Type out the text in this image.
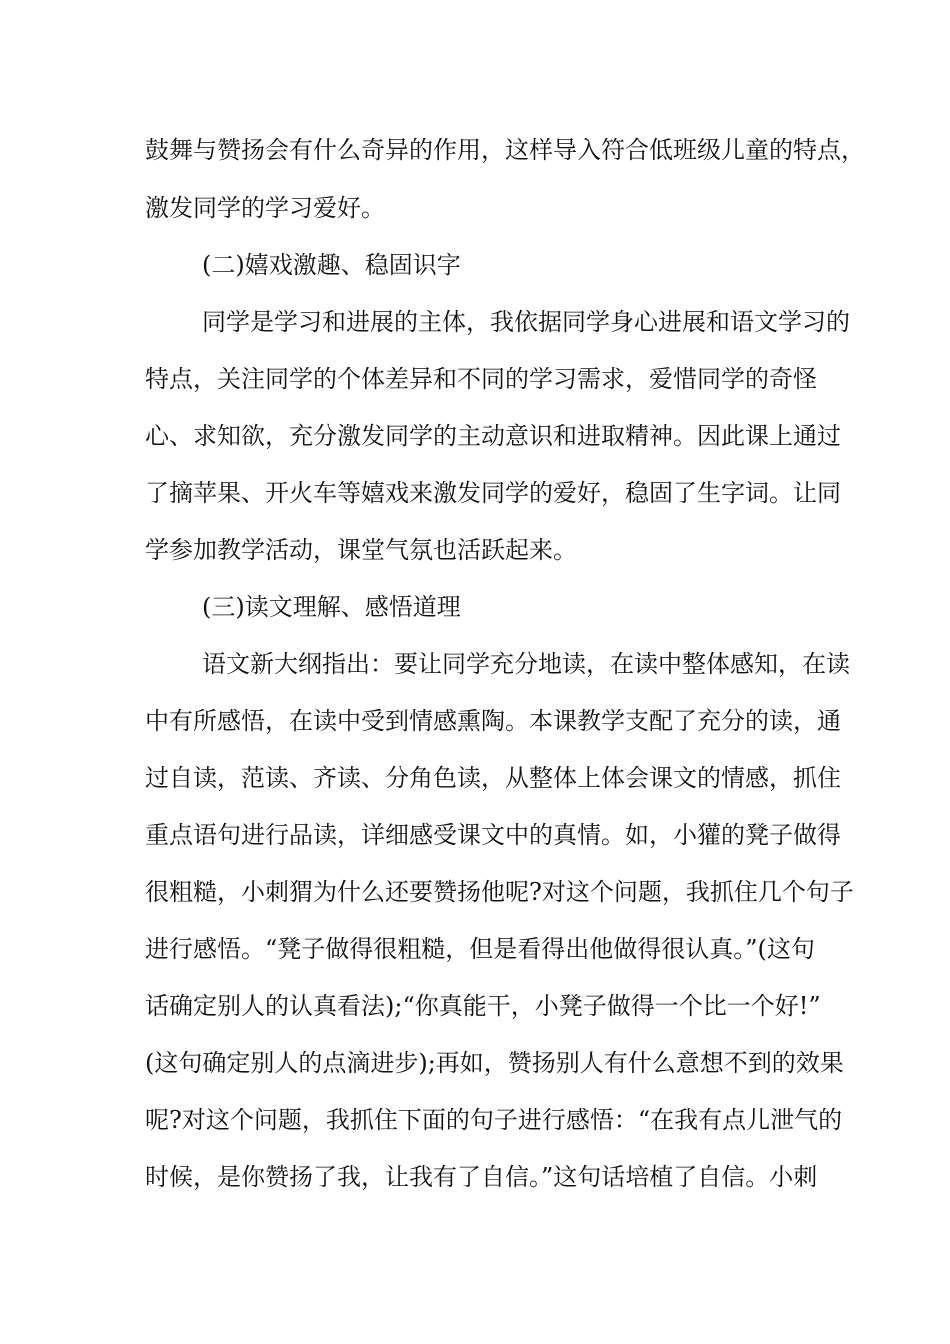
鼓舞与赞扬会有什么奇异的作用，这样导入符合低班级儿童的特点，
激发同学的学习爱好。
(二)嬉戏激趣、稳固识字
同学是学习和进展的主体，我依据同学身心进展和语文学习的
特点，关注同学的个体差异和不同的学习需求，爱惜同学的奇怪
心、求知欲，充分激发同学的主动意识和进取精神。因此课上通过
了摘苹果、开火车等嬉戏来激发同学的爱好，稳固了生字词。让同
学参加教学活动，课堂气氛也活跃起来。
(三)读文理解、感悟道理
语文新大纲指出：要让同学充分地读，在读中整体感知，在读
中有所感悟，在读中受到情感熏陶。本课教学支配了充分的读，通
过自读，范读、齐读、分角色读，从整体上体会课文的情感，抓住
重点语句进行品读，详细感受课文中的真情。如，小獾的凳子做得
很粗糙，小刺猬为什么还要赞扬他呢?对这个问题，我抓住几个句子
进行感悟。“凳子做得很粗糙，但是看得出他做得很认真。”(这句
话确定别人的认真看法);“你真能干，小凳子做得一个比一个好!”
(这句确定别人的点滴进步);再如，赞扬别人有什么意想不到的效果
呢?对这个问题，我抓住下面的句子进行感悟：“在我有点儿泄气的
时候，是你赞扬了我，让我有了自信。”这句话培植了自信。小刺
